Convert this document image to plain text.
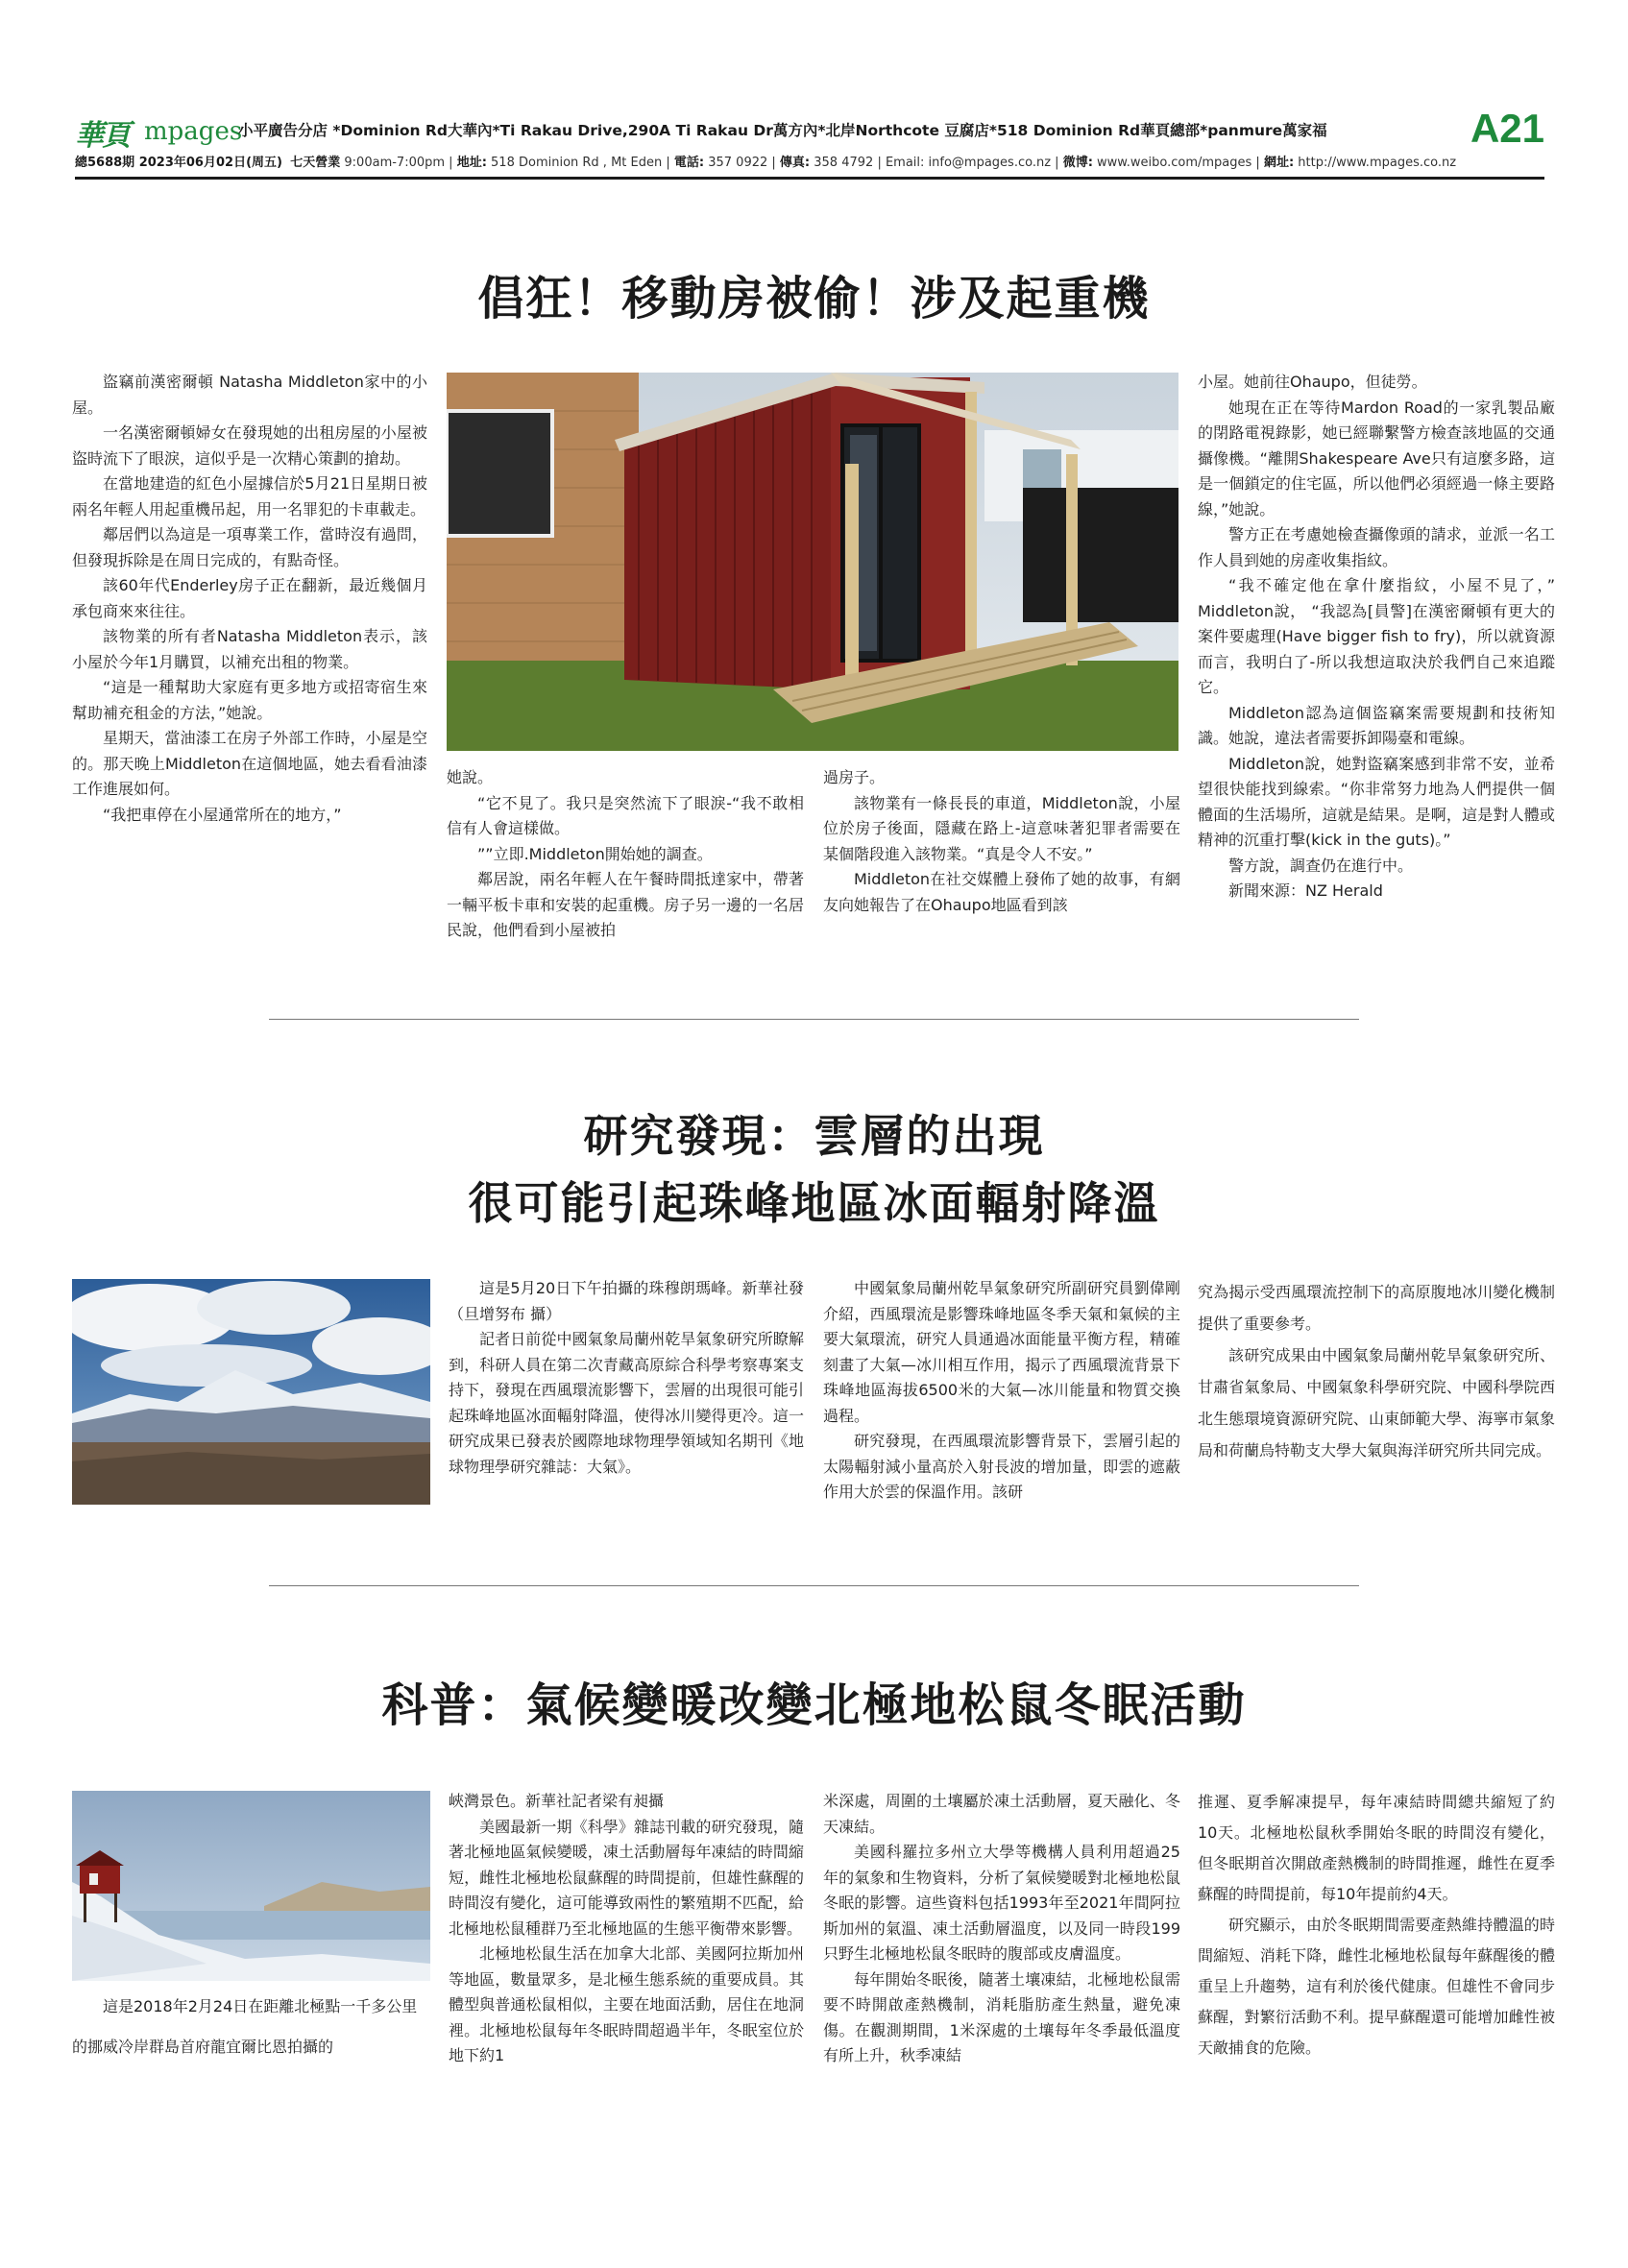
華頁 mpages
小平廣告分店 *Dominion Rd大華內*Ti Rakau Drive,290A Ti Rakau Dr萬方內*北岸Northcote 豆腐店*518 Dominion Rd華頁總部*panmure萬家福	A21
總5688期 2023年06月02日(周五) 七天營業 9:00am-7:00pm | 地址: 518 Dominion Rd , Mt Eden | 電話: 357 0922 | 傳真: 358 4792 | Email: info@mpages.co.nz | 微博: www.weibo.com/mpages | 網址: http://www.mpages.co.nz
倡狂！移動房被偷！涉及起重機

盜竊前漢密爾頓 Natasha Middleton家中的小屋。

一名漢密爾頓婦女在發現她的出租房屋的小屋被盜時流下了眼淚，這似乎是一次精心策劃的搶劫。

在當地建造的紅色小屋據信於5月21日星期日被兩名年輕人用起重機吊起，用一名罪犯的卡車載走。

鄰居們以為這是一項專業工作，當時沒有過問，但發現拆除是在周日完成的，有點奇怪。

該60年代Enderley房子正在翻新，最近幾個月承包商來來往往。

該物業的所有者Natasha Middleton表示，該小屋於今年1月購買，以補充出租的物業。

“這是一種幫助大家庭有更多地方或招寄宿生來幫助補充租金的方法，”她說。

星期天，當油漆工在房子外部工作時，小屋是空的。那天晚上Middleton在這個地區，她去看看油漆工作進展如何。

“我把車停在小屋通常所在的地方，”

她說。

“它不見了。我只是突然流下了眼淚-“我不敢相信有人會這樣做。

””立即.Middleton開始她的調查。

鄰居說，兩名年輕人在午餐時間抵達家中，帶著一輛平板卡車和安裝的起重機。房子另一邊的一名居民說，他們看到小屋被拍

過房子。

該物業有一條長長的車道，Middleton說，小屋位於房子後面，隱藏在路上-這意味著犯罪者需要在某個階段進入該物業。“真是令人不安。”

Middleton在社交媒體上發佈了她的故事，有網友向她報告了在Ohaupo地區看到該

小屋。她前往Ohaupo，但徒勞。

她現在正在等待Mardon Road的一家乳製品廠的閉路電視錄影，她已經聯繫警方檢查該地區的交通攝像機。“離開Shakespeare Ave只有這麼多路，這是一個鎖定的住宅區，所以他們必須經過一條主要路線，”她說。

警方正在考慮她檢查攝像頭的請求，並派一名工作人員到她的房產收集指紋。

“我不確定他在拿什麼指紋，小屋不見了，” Middleton說， “我認為[員警]在漢密爾頓有更大的案件要處理(Have bigger fish to fry)，所以就資源而言，我明白了-所以我想這取決於我們自己來追蹤它。

Middleton認為這個盜竊案需要規劃和技術知識。她說，違法者需要拆卸陽臺和電線。

Middleton說，她對盜竊案感到非常不安，並希望很快能找到線索。“你非常努力地為人們提供一個體面的生活場所，這就是結果。是啊，這是對人體或精神的沉重打擊(kick in the guts)。”

警方說，調查仍在進行中。

新聞來源：NZ Herald

研究發現：雲層的出現
很可能引起珠峰地區冰面輻射降溫

這是5月20日下午拍攝的珠穆朗瑪峰。新華社發（旦增努布 攝）

記者日前從中國氣象局蘭州乾旱氣象研究所瞭解到，科研人員在第二次青藏高原綜合科學考察專案支持下，發現在西風環流影響下，雲層的出現很可能引起珠峰地區冰面輻射降溫，使得冰川變得更冷。這一研究成果已發表於國際地球物理學領域知名期刊《地球物理學研究雜誌：大氣》。

中國氣象局蘭州乾旱氣象研究所副研究員劉偉剛介紹，西風環流是影響珠峰地區冬季天氣和氣候的主要大氣環流，研究人員通過冰面能量平衡方程，精確刻畫了大氣—冰川相互作用，揭示了西風環流背景下珠峰地區海拔6500米的大氣—冰川能量和物質交換過程。

研究發現，在西風環流影響背景下，雲層引起的太陽輻射減小量高於入射長波的增加量，即雲的遮蔽作用大於雲的保溫作用。該研

究為揭示受西風環流控制下的高原腹地冰川變化機制提供了重要參考。

該研究成果由中國氣象局蘭州乾旱氣象研究所、甘肅省氣象局、中國氣象科學研究院、中國科學院西北生態環境資源研究院、山東師範大學、海寧市氣象局和荷蘭烏特勒支大學大氣與海洋研究所共同完成。

科普：氣候變暖改變北極地松鼠冬眠活動
這是2018年2月24日在距離北極點一千多公里的挪威冷岸群島首府龍宜爾比恩拍攝的

峽灣景色。新華社記者梁有昶攝

美國最新一期《科學》雜誌刊載的研究發現，隨著北極地區氣候變暖，凍土活動層每年凍結的時間縮短，雌性北極地松鼠蘇醒的時間提前，但雄性蘇醒的時間沒有變化，這可能導致兩性的繁殖期不匹配，給北極地松鼠種群乃至北極地區的生態平衡帶來影響。

北極地松鼠生活在加拿大北部、美國阿拉斯加州等地區，數量眾多，是北極生態系統的重要成員。其體型與普通松鼠相似，主要在地面活動，居住在地洞裡。北極地松鼠每年冬眠時間超過半年，冬眠室位於地下約1

米深處，周圍的土壤屬於凍土活動層，夏天融化、冬天凍結。

美國科羅拉多州立大學等機構人員利用超過25年的氣象和生物資料，分析了氣候變暖對北極地松鼠冬眠的影響。這些資料包括1993年至2021年間阿拉斯加州的氣溫、凍土活動層溫度，以及同一時段199只野生北極地松鼠冬眠時的腹部或皮膚溫度。

每年開始冬眠後，隨著土壤凍結，北極地松鼠需要不時開啟產熱機制，消耗脂肪產生熱量，避免凍傷。在觀測期間，1米深處的土壤每年冬季最低溫度有所上升，秋季凍結

推遲、夏季解凍提早，每年凍結時間總共縮短了約10天。北極地松鼠秋季開始冬眠的時間沒有變化，但冬眠期首次開啟產熱機制的時間推遲，雌性在夏季蘇醒的時間提前，每10年提前約4天。

研究顯示，由於冬眠期間需要產熱維持體溫的時間縮短、消耗下降，雌性北極地松鼠每年蘇醒後的體重呈上升趨勢，這有利於後代健康。但雄性不會同步蘇醒，對繁衍活動不利。提早蘇醒還可能增加雌性被天敵捕食的危險。
